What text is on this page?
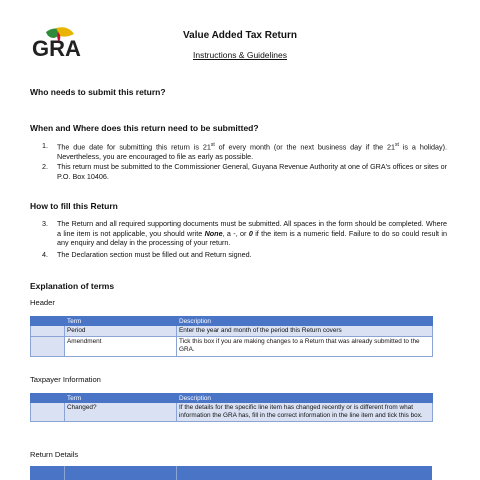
GRA
Value Added Tax Return
Instructions & Guidelines
Who needs to submit this return?
When and Where does this return need to be submitted?
1.	The due date for submitting this return is 21st of every month (or the next business day if the 21st is a holiday). Nevertheless, you are encouraged to file as early as possible.
2.	This return must be submitted to the Commissioner General, Guyana Revenue Authority at one of GRA's offices or sites or P.O. Box 10406.
How to fill this Return
3.	The Return and all required supporting documents must be submitted. All spaces in the form should be completed. Where a line item is not applicable, you should write None, a -, or 0 if the item is a numeric field. Failure to do so could result in any enquiry and delay in the processing of your return.
4.	The Declaration section must be filled out and Return signed.
Explanation of terms
Header
	Term	Description
	Period	Enter the year and month of the period this Return covers
	Amendment	Tick this box if you are making changes to a Return that was already submitted to the GRA.
Taxpayer Information
	Term	Description
	Changed?	If the details for the specific line item has changed recently or is different from what information the GRA has, fill in the correct information in the line item and tick this box.
Return Details
